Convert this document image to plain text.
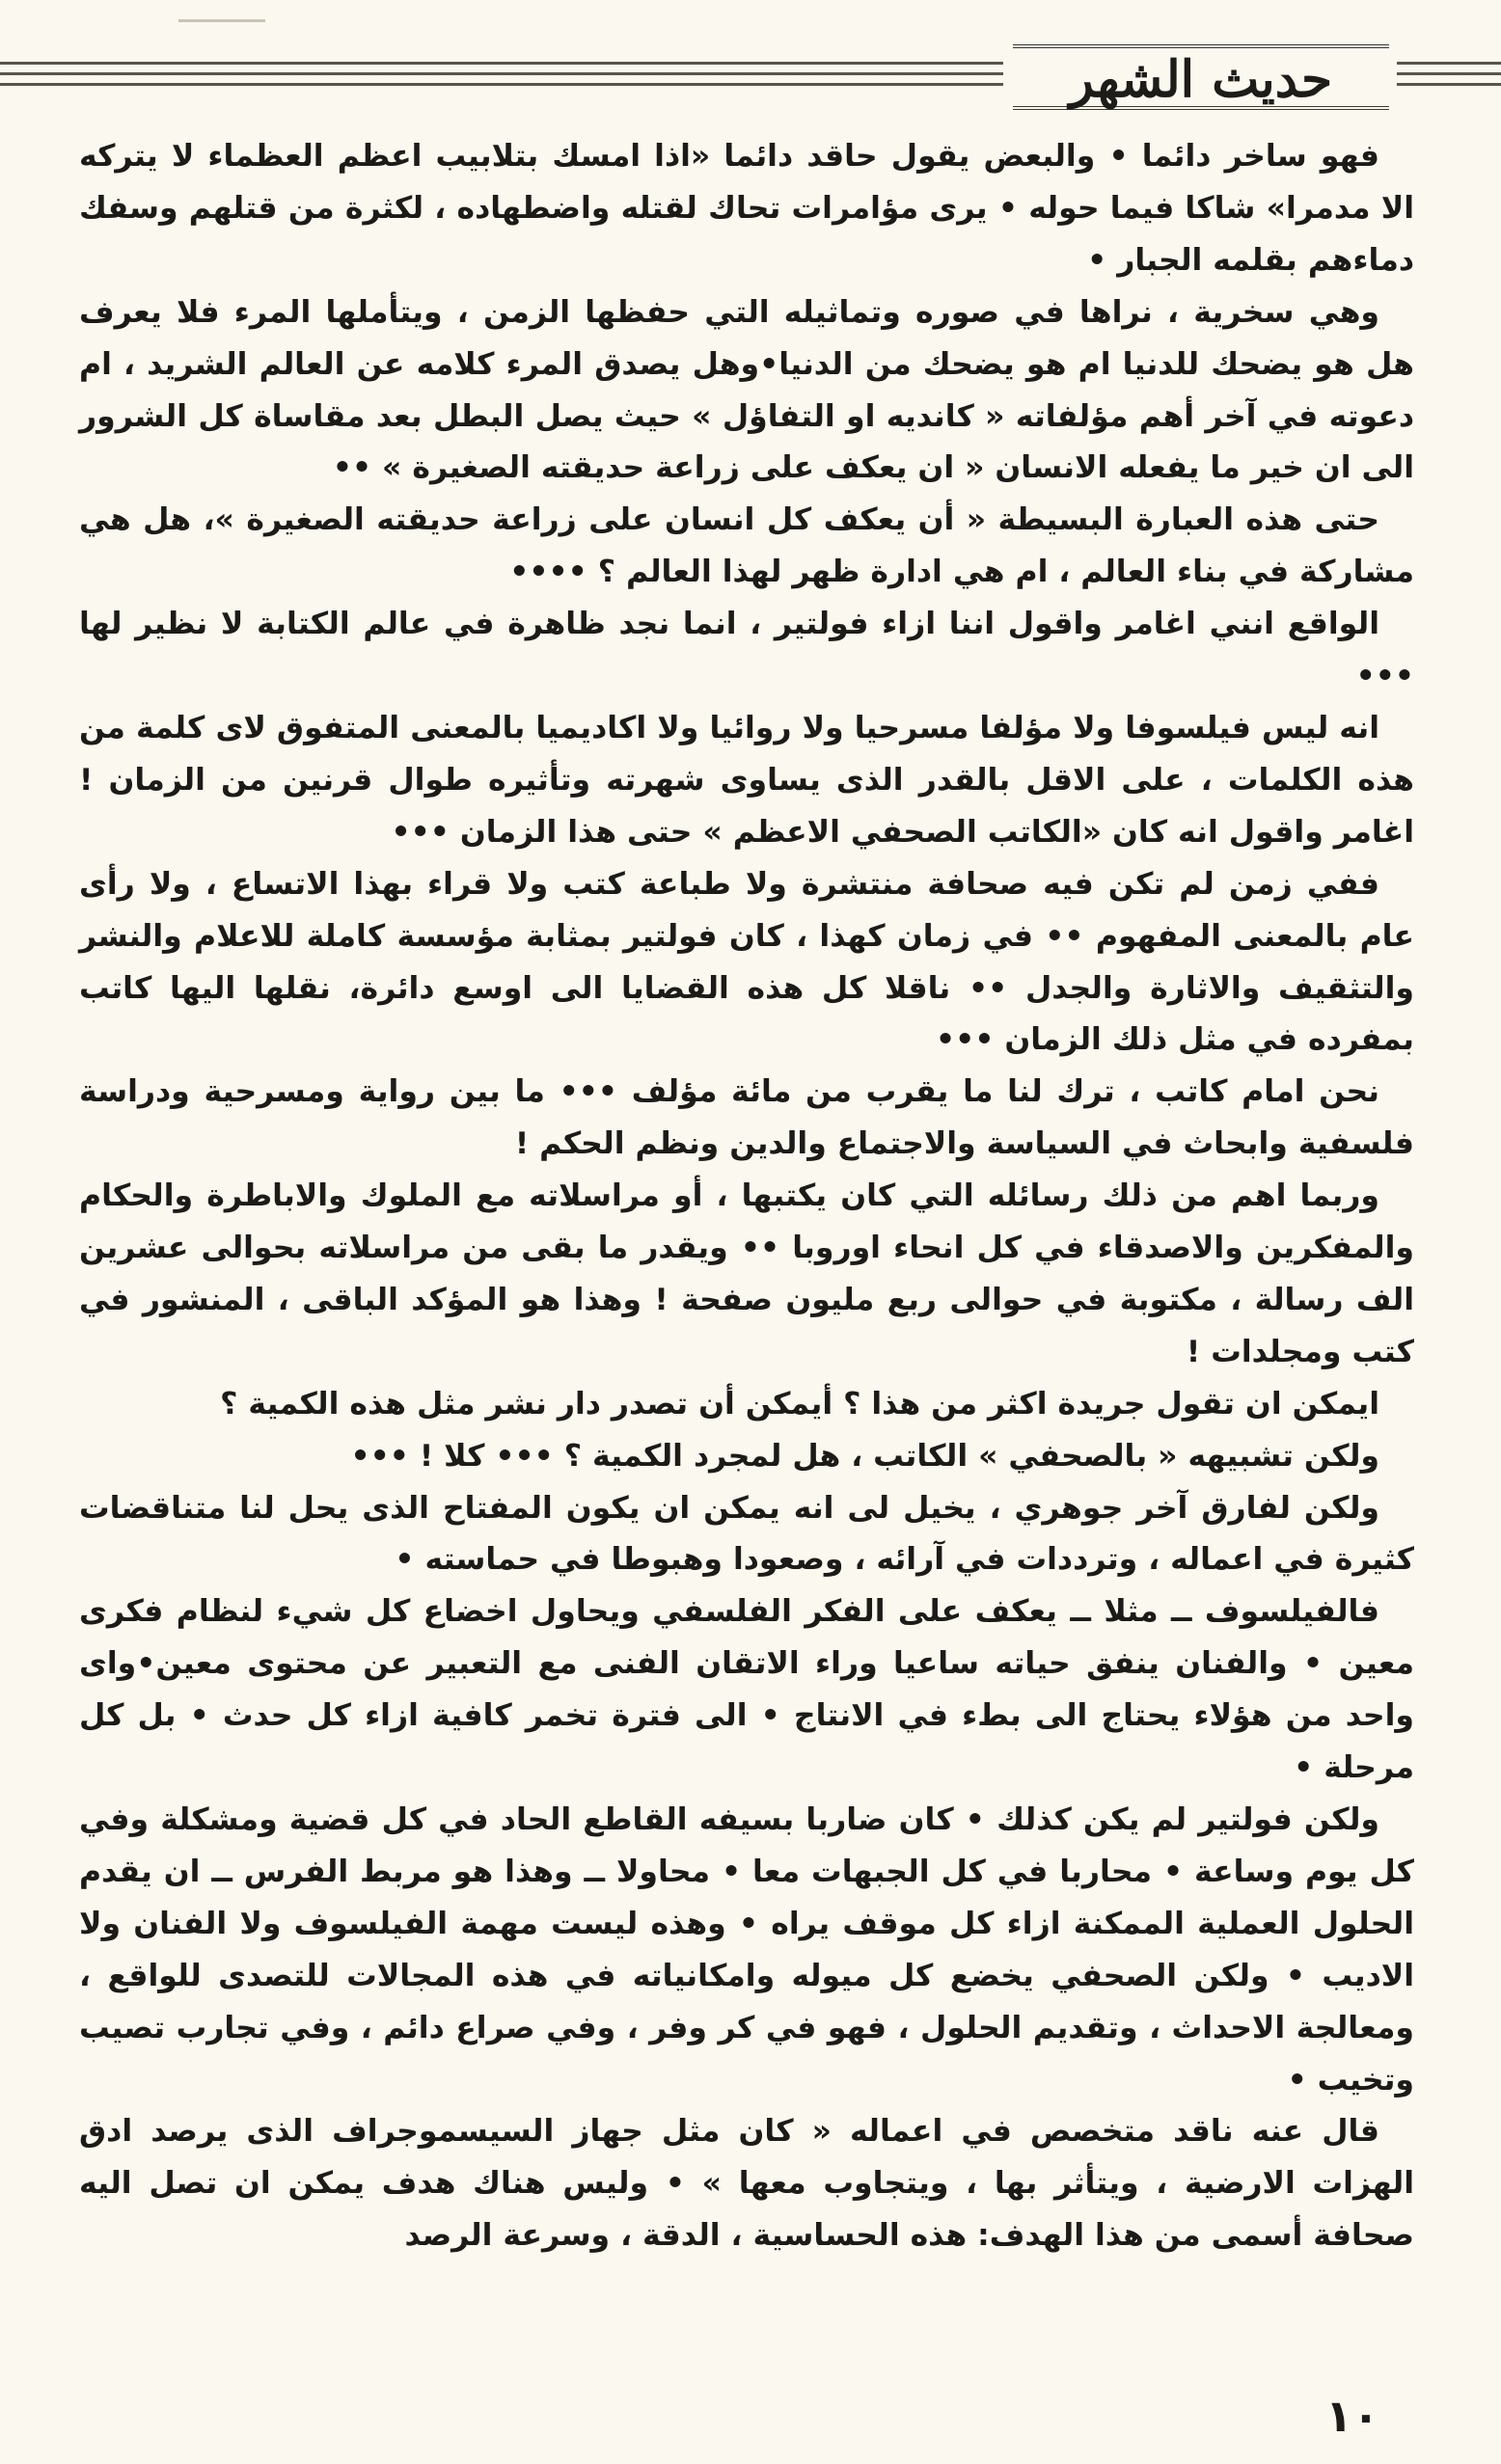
حديث الشهر

فهو ساخر دائما • والبعض يقول حاقد دائما «اذا امسك بتلابيب اعظم العظماء لا يتركه الا مدمرا» شاكا فيما حوله • يرى مؤامرات تحاك لقتله واضطهاده ، لكثرة من قتلهم وسفك دماءهم بقلمه الجبار •

وهي سخرية ، نراها في صوره وتماثيله التي حفظها الزمن ، ويتأملها المرء فلا يعرف هل هو يضحك للدنيا ام هو يضحك من الدنيا•وهل يصدق المرء كلامه عن العالم الشريد ، ام دعوته في آخر أهم مؤلفاته « كانديه او التفاؤل » حيث يصل البطل بعد مقاساة كل الشرور الى ان خير ما يفعله الانسان « ان يعكف على زراعة حديقته الصغيرة » ••

حتى هذه العبارة البسيطة « أن يعكف كل انسان على زراعة حديقته الصغيرة »، هل هي مشاركة في بناء العالم ، ام هي ادارة ظهر لهذا العالم ؟ ••••

الواقع انني اغامر واقول اننا ازاء فولتير ، انما نجد ظاهرة في عالم الكتابة لا نظير لها •••

انه ليس فيلسوفا ولا مؤلفا مسرحيا ولا روائيا ولا اكاديميا بالمعنى المتفوق لاى كلمة من هذه الكلمات ، على الاقل بالقدر الذى يساوى شهرته وتأثيره طوال قرنين من الزمان ! اغامر واقول انه كان «الكاتب الصحفي الاعظم » حتى هذا الزمان •••

ففي زمن لم تكن فيه صحافة منتشرة ولا طباعة كتب ولا قراء بهذا الاتساع ، ولا رأى عام بالمعنى المفهوم •• في زمان كهذا ، كان فولتير بمثابة مؤسسة كاملة للاعلام والنشر والتثقيف والاثارة والجدل •• ناقلا كل هذه القضايا الى اوسع دائرة، نقلها اليها كاتب بمفرده في مثل ذلك الزمان •••

نحن امام كاتب ، ترك لنا ما يقرب من مائة مؤلف ••• ما بين رواية ومسرحية ودراسة فلسفية وابحاث في السياسة والاجتماع والدين ونظم الحكم !

وربما اهم من ذلك رسائله التي كان يكتبها ، أو مراسلاته مع الملوك والاباطرة والحكام والمفكرين والاصدقاء في كل انحاء اوروبا •• ويقدر ما بقى من مراسلاته بحوالى عشرين الف رسالة ، مكتوبة في حوالى ربع مليون صفحة ! وهذا هو المؤكد الباقى ، المنشور في كتب ومجلدات !

ايمكن ان تقول جريدة اكثر من هذا ؟ أيمكن أن تصدر دار نشر مثل هذه الكمية ؟

ولكن تشبيهه « بالصحفي » الكاتب ، هل لمجرد الكمية ؟ ••• كلا ! •••

ولكن لفارق آخر جوهري ، يخيل لى انه يمكن ان يكون المفتاح الذى يحل لنا متناقضات كثيرة في اعماله ، وترددات في آرائه ، وصعودا وهبوطا في حماسته •

فالفيلسوف ــ مثلا ــ يعكف على الفكر الفلسفي ويحاول اخضاع كل شيء لنظام فكرى معين • والفنان ينفق حياته ساعيا وراء الاتقان الفنى مع التعبير عن محتوى معين•واى واحد من هؤلاء يحتاج الى بطء في الانتاج • الى فترة تخمر كافية ازاء كل حدث • بل كل مرحلة •

ولكن فولتير لم يكن كذلك • كان ضاربا بسيفه القاطع الحاد في كل قضية ومشكلة وفي كل يوم وساعة • محاربا في كل الجبهات معا • محاولا ــ وهذا هو مربط الفرس ــ ان يقدم الحلول العملية الممكنة ازاء كل موقف يراه • وهذه ليست مهمة الفيلسوف ولا الفنان ولا الاديب • ولكن الصحفي يخضع كل ميوله وامكانياته في هذه المجالات للتصدى للواقع ، ومعالجة الاحداث ، وتقديم الحلول ، فهو في كر وفر ، وفي صراع دائم ، وفي تجارب تصيب وتخيب •

قال عنه ناقد متخصص في اعماله « كان مثل جهاز السيسموجراف الذى يرصد ادق الهزات الارضية ، ويتأثر بها ، ويتجاوب معها » • وليس هناك هدف يمكن ان تصل اليه صحافة أسمى من هذا الهدف: هذه الحساسية ، الدقة ، وسرعة الرصد

١٠
